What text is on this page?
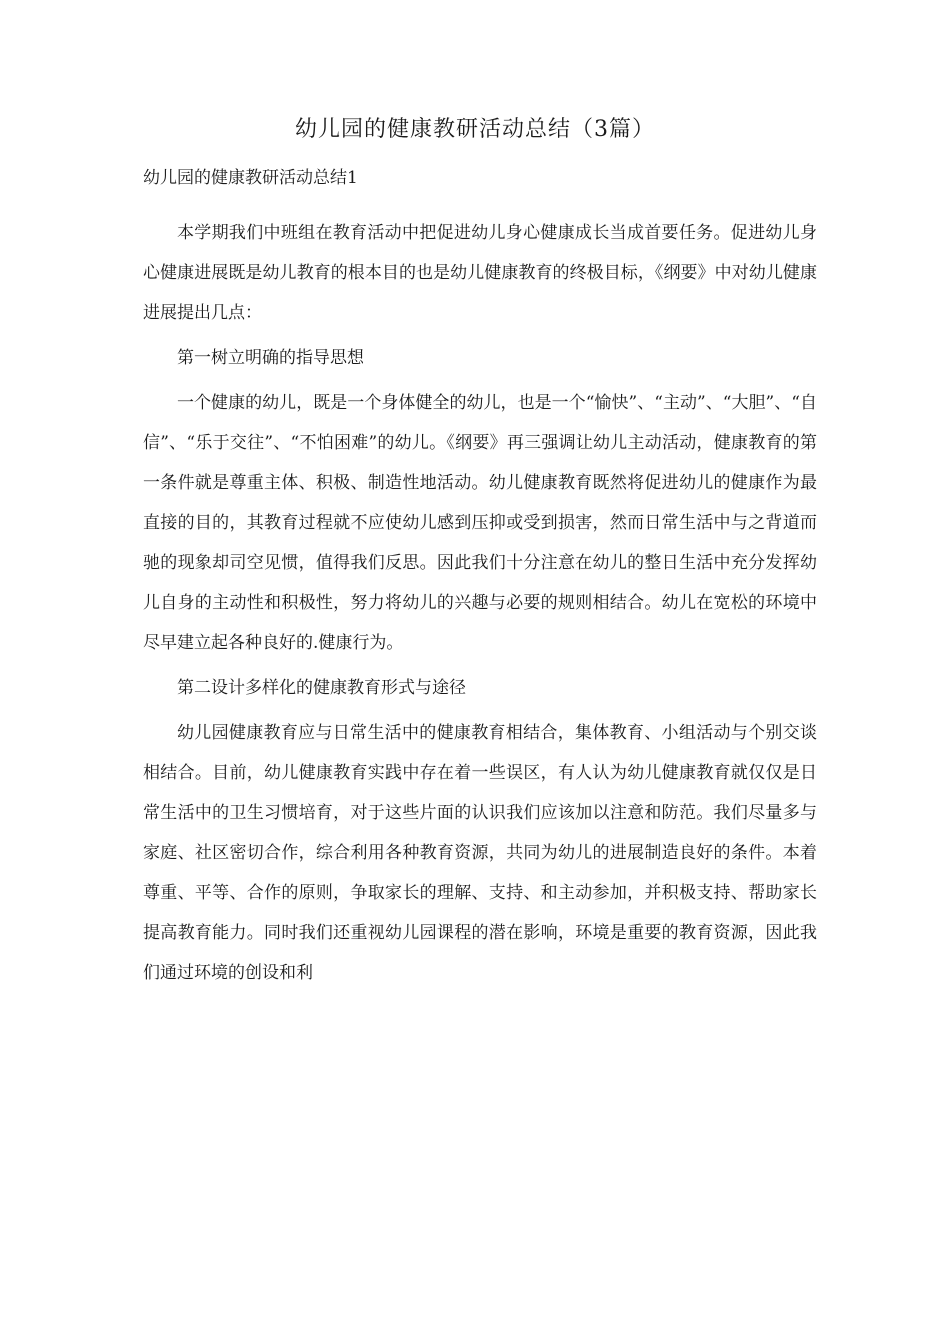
幼儿园的健康教研活动总结（3篇）
幼儿园的健康教研活动总结1

本学期我们中班组在教育活动中把促进幼儿身心健康成长当成首要任务。促进幼儿身心健康进展既是幼儿教育的根本目的也是幼儿健康教育的终极目标，《纲要》中对幼儿健康进展提出几点：

第一树立明确的指导思想

一个健康的幼儿，既是一个身体健全的幼儿，也是一个“愉快”、“主动”、“大胆”、“自信”、“乐于交往”、“不怕困难”的幼儿。《纲要》再三强调让幼儿主动活动，健康教育的第一条件就是尊重主体、积极、制造性地活动。幼儿健康教育既然将促进幼儿的健康作为最直接的目的，其教育过程就不应使幼儿感到压抑或受到损害，然而日常生活中与之背道而驰的现象却司空见惯，值得我们反思。因此我们十分注意在幼儿的整日生活中充分发挥幼儿自身的主动性和积极性，努力将幼儿的兴趣与必要的规则相结合。幼儿在宽松的环境中尽早建立起各种良好的.健康行为。

第二设计多样化的健康教育形式与途径

幼儿园健康教育应与日常生活中的健康教育相结合，集体教育、小组活动与个别交谈相结合。目前，幼儿健康教育实践中存在着一些误区，有人认为幼儿健康教育就仅仅是日常生活中的卫生习惯培育，对于这些片面的认识我们应该加以注意和防范。我们尽量多与家庭、社区密切合作，综合利用各种教育资源，共同为幼儿的进展制造良好的条件。本着尊重、平等、合作的原则，争取家长的理解、支持、和主动参加，并积极支持、帮助家长提高教育能力。同时我们还重视幼儿园课程的潜在影响，环境是重要的教育资源，因此我们通过环境的创设和利
